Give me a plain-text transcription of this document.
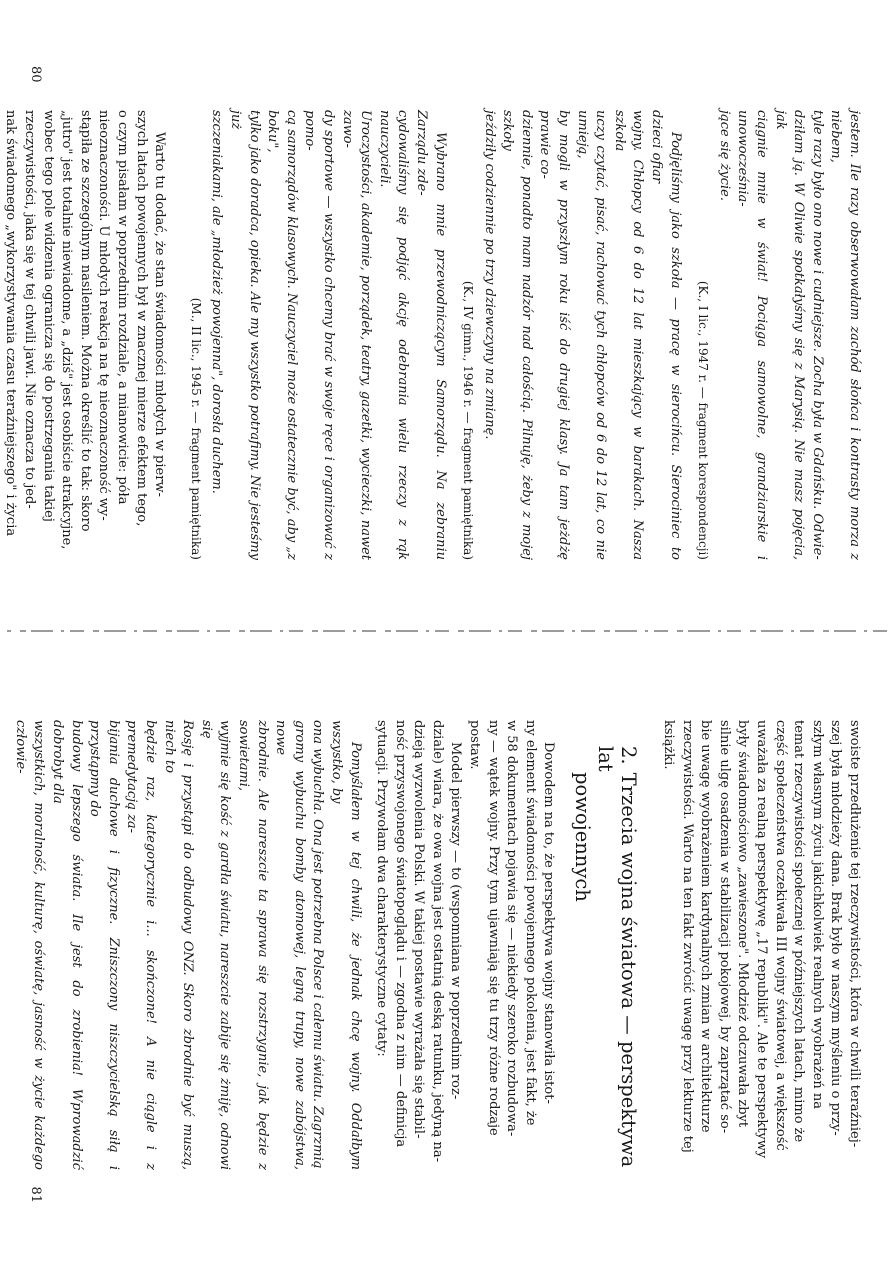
jestem. Ile razy obserwowałam zachód słońca i kontrasty morza z niebem,
tyle razy było ono nowe i cudniejsze. Zocha była w Gdańsku. Odwie-
dziłam ją. W Oliwie spotkałyśmy się z Marysią. Nie masz pojęcia, jak
ciągnie mnie w świat! Pociąga samowolne, grandziarskie i unowocześnia-
jące się życie.
(K., I lic., 1947 r. — fragment korespondencji)
Podjęliśmy jako szkoła — pracę w sierocińcu. Sierociniec to dzieci ofiar
wojny. Chłopcy od 6 do 12 lat mieszkający w barakach. Nasza szkoła
uczy czytać, pisać, rachować tych chłopców od 6 do 12 lat, co nie umieją,
by mogli w przyszłym roku iść do drugiej klasy. Ja tam jeżdżę prawie co-
dziennie, ponadto mam nadzór nad całością. Pilnuję, żeby z mojej szkoły
jeździły codziennie po trzy dziewczyny na zmianę.
(K., IV gimn., 1946 r. — fragment pamiętnika)
Wybrano mnie przewodniczącym Samorządu. Na zebraniu Zarządu zde-
cydowaliśmy się podjąć akcję odebrania wielu rzeczy z rąk nauczycieli.
Uroczystości, akademie, porządek, teatry, gazetki, wycieczki, nawet zawo-
dy sportowe — wszystko chcemy brać w swoje ręce i organizować z pomo-
cą samorządów klasowych. Nauczyciel może ostatecznie być, aby „z boku",
tylko jako doradca, opieka. Ale my wszystko potrafimy. Nie jesteśmy już
szczeniakami, ale „młodzież powojenna", dorosła duchem.
(M., II lic., 1945 r. — fragment pamiętnika)
Warto tu dodać, że stan świadomości młodych w pierw-
szych latach powojennych był w znacznej mierze efektem tego,
o czym pisałam w poprzednim rozdziale, a mianowicie: póła
nieoznaczoności. U młodych reakcja na tę nieoznaczoność wy-
stąpiła ze szczególnym nasileniem. Można określić to tak: skoro
„jutro" jest totalnie niewiadome, a „dziś" jest osobiście atrakcyjne,
wobec tego pole widzenia ogranicza się do postrzegania takiej
rzeczywistości, jaka się w tej chwili jawi. Nie oznacza to jed-
nak świadomego „wykorzystywania czasu teraźniejszego" i życia
80
swoiste przedłużenie tej rzeczywistości, która w chwili teraźniej-
szej była młodzieży dana. Brak było w naszym myśleniu o przy-
szłym własnym życiu jakichkolwiek realnych wyobrażeń na
temat rzeczywistości społecznej w późniejszych latach, mimo że
część społeczeństwa oczekiwała III wojny światowej, a większość
uważała za realną perspektywę „17 republiki". Ale te perspektywy
były świadomościowo „zawieszone". Młodzież odczuwała zbyt
silnie ulgę osadzenia w stabilizacji pokojowej, by zaprzątać so-
bie uwagę wyobrażeniem kardynalnych zmian w architekturze
rzeczywistości. Warto na ten fakt zwrócić uwagę przy lekturze tej
książki.
2.Trzecia wojna światowa — perspektywa lat
powojennych
Dowodem na to, że perspektywa wojny stanowiła istot-
ny element świadomości powojennego pokolenia, jest fakt, że
w 58 dokumentach pojawia się — niekiedy szeroko rozbudowa-
ny — wątek wojny. Przy tym ujawniają się tu trzy różne rodzaje
postaw.
Model pierwszy — to (wspomniana w poprzednim roz-
dziale) wiara, że owa wojna jest ostatnią deską ratunku, jedyną na-
dzieją wyzwolenia Polski. W takiej postawie wyrażała się stabil-
ność przyswojonego światopoglądu i — zgodna z nim — definicja
sytuacji. Przywołam dwa charakterystyczne cytaty:
Pomyślałem w tej chwili, że jednak chcę wojny. Oddałbym wszystko, by
ona wybuchła. Ona jest potrzebna Polsce i całemu światu. Zagrzmią
gromy wybuchu bomby atomowej, legną trupy, nowe zabójstwa, nowe
zbrodnie. Ale nareszcie ta sprawa się rozstrzygnie, jak będzie z sowietami,
wyjmie się kość z gardła światu, nareszcie zabije się żmiję, odnowi się
Rosję i przystąpi do odbudowy ONZ. Skoro zbrodnie być muszą, niech to
będzie raz, kategorycznie i... skończone! A nie ciągle i z premedytacją za-
bijania duchowe i fizyczne. Zniszczony niszczycielską siłą i przystąpmy do
budowy lepszego świata. Ile jest do zrobienia! Wprowadzić dobrobyt dla
wszystkich, moralność, kulturę, oświatę, jasność w życie każdego człowie-
81
